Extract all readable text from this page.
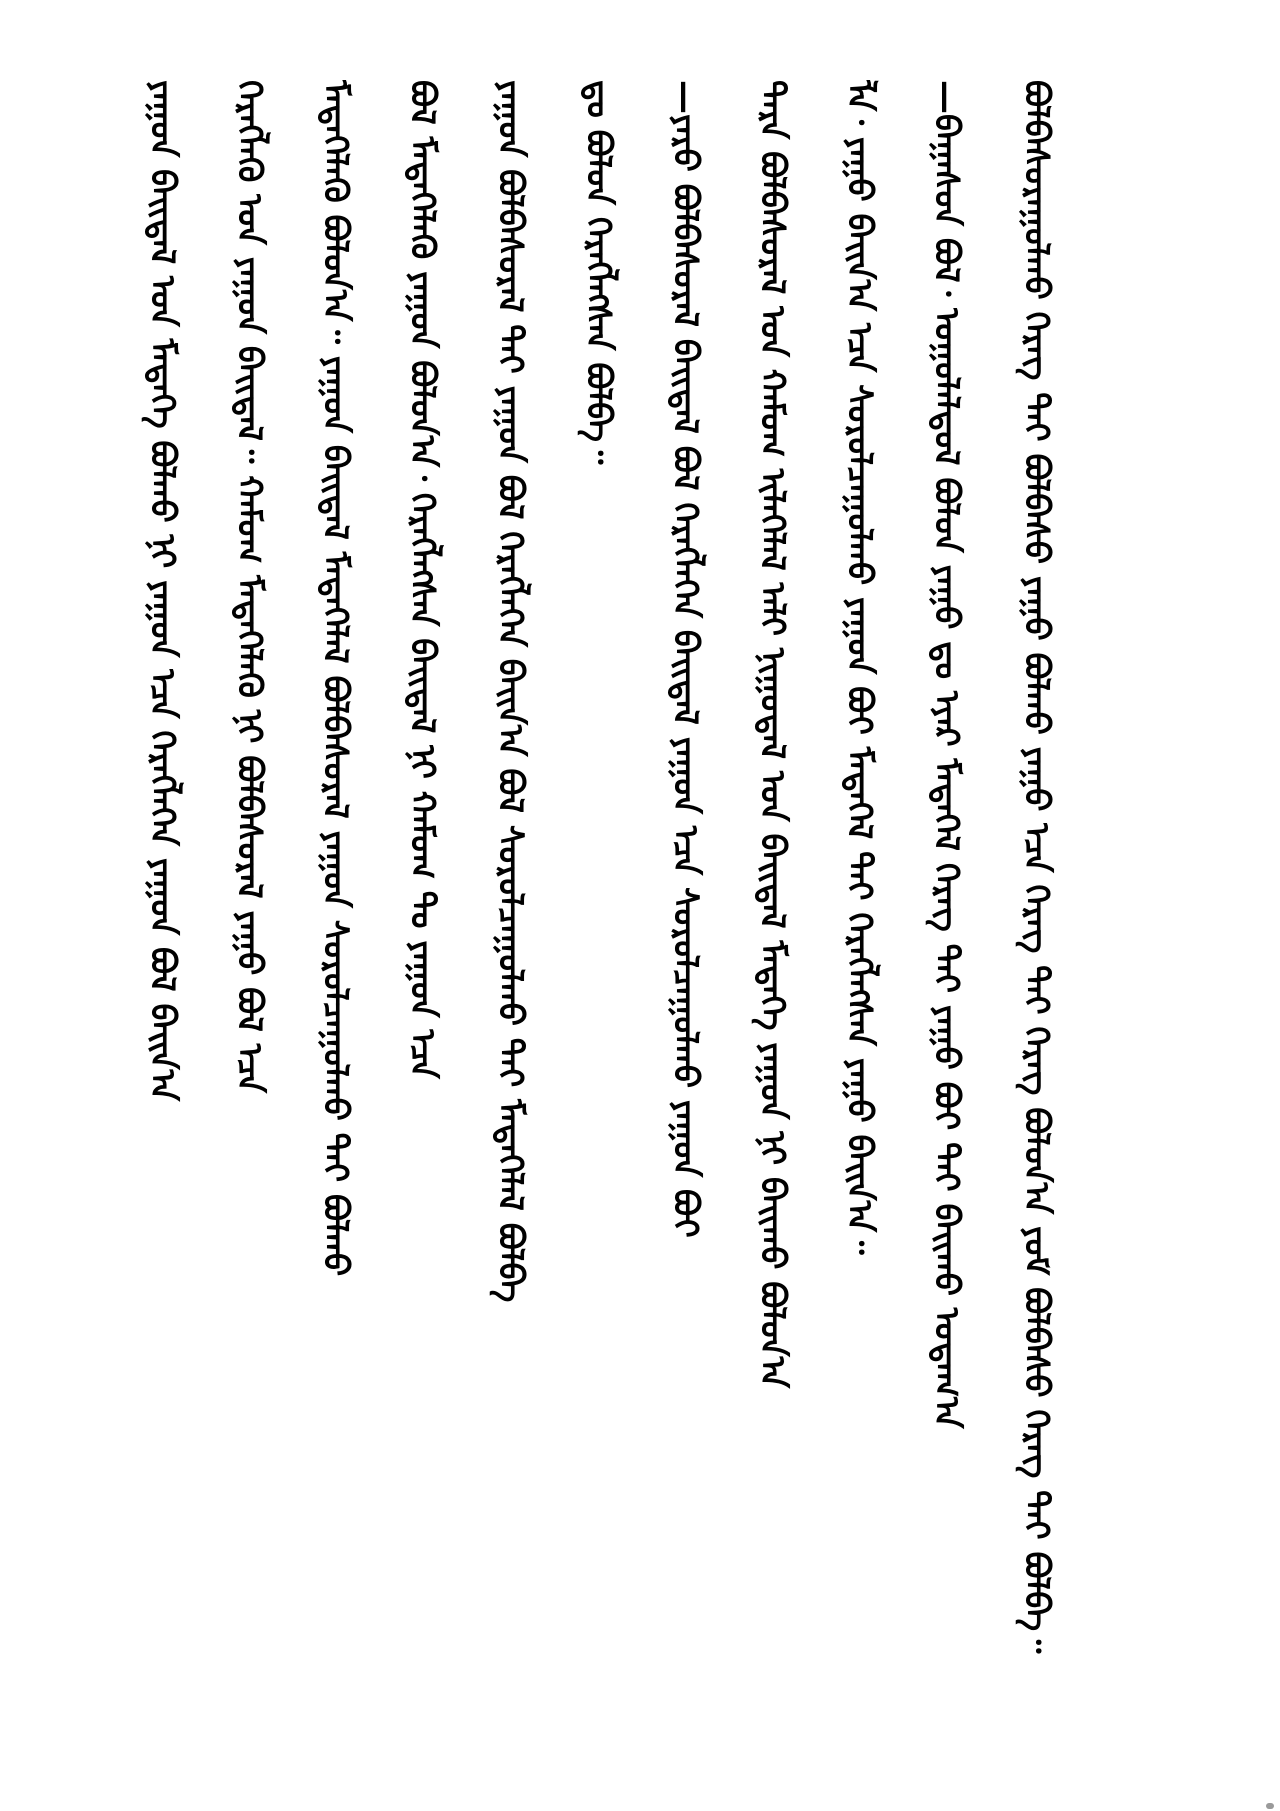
ᠪᠣᠯᠪᠠᠰᠤᠷᠠᠭᠤᠯᠬᠤ ᠬᠡᠷᠡᠭ ᠲᠠᠢ ᠪᠣᠯᠪᠠᠰᠤ ᠶᠠᠭᠤ ᠪᠣᠯᠬᠤ ᠶᠠᠭᠤ ᠡᠴᠡ ᠬᠡᠷᠡᠭ ᠲᠡᠢ ᠬᠡᠷᠡᠭ ᠪᠣᠯᠤᠨ᠎ᠠ ᠶᠤᠮ ᠪᠣᠯᠪᠠᠰᠤ ᠬᠡᠷᠡᠭ ᠲᠡᠢ ᠪᠣᠯᠪᠠ᠃
—ᠪᠠᠭᠠᠰᠤᠨ ᠪᠣᠯ᠂ ᠤᠭᠤᠯᠠᠯᠳᠤᠯ ᠪᠣᠯᠤᠨ ᠶᠠᠭᠤ ᠳᠤ ᠡᠶᠡᠷ ᠮᠡᠳᠡᠭᠡᠯ ᠬᠡᠷᠡᠭ ᠲᠡᠢ ᠶᠠᠭᠤ ᠪᠤᠢ ᠲᠡᠢ ᠪᠠᠢᠬᠤ ᠤᠳᠠᠭ᠎ᠠ
ᠯᠠ᠂ ᠶᠠᠭᠤ ᠪᠠᠢᠨ᠎ᠠ ᠡᠴᠡ ᠰᠤᠷᠤᠯᠴᠠᠭᠤᠯᠬᠤ ᠶᠠᠭᠤᠨ ᠪᠤᠢ ᠮᠡᠳᠡᠭᠡᠯ ᠲᠡᠢ ᠬᠡᠷᠡᠭᠯᠡᠭᠰᠡᠨ ᠶᠠᠭᠤ ᠪᠠᠢᠨ᠎ᠠ᠃
ᠲᠡᠷᠡ ᠪᠣᠯᠪᠠᠰᠤᠷᠠᠯ ᠤᠨ ᠬᠠᠮᠤᠭ ᠢᠯᠡᠭᠡᠯᠡᠯ ᠠᠯᠢ ᠨᠢᠭᠤᠳᠠᠯ ᠤᠨ ᠪᠠᠢᠳᠠᠯ ᠮᠡᠳᠡᠭᠡ ᠶᠠᠭᠤᠨ ᠨᠢ ᠪᠠᠢᠬᠤ ᠪᠣᠯᠤᠨ᠎ᠠ
—ᠶᠡᠷᠦ ᠪᠣᠯᠪᠠᠰᠤᠷᠠᠯ ᠪᠠᠢᠳᠠᠯ ᠪᠣᠯ ᠬᠡᠷᠡᠭᠯᠡᠭᠡᠨ ᠪᠠᠢᠳᠠᠯ ᠶᠠᠭᠤᠨ ᠡᠴᠡ ᠰᠤᠷᠤᠯᠴᠠᠭᠤᠯᠬᠤ ᠶᠠᠭᠤᠨ ᠪᠤᠢ
ᠳᠤ ᠪᠣᠯᠤᠨ ᠬᠡᠷᠡᠭᠯᠡᠭᠰᠡᠨ ᠪᠣᠯᠪᠠ᠃
ᠶᠠᠭᠤᠨ ᠪᠣᠯᠪᠠᠰᠤᠷᠠᠯ ᠲᠡᠢ ᠶᠠᠭᠤᠨ ᠪᠣᠯ ᠬᠡᠷᠡᠭᠯᠡᠭᠡᠨ ᠪᠠᠢᠨ᠎ᠠ ᠪᠣᠯ ᠰᠤᠷᠤᠯᠴᠠᠭᠤᠯᠬᠤ ᠲᠡᠢ ᠮᠡᠳᠡᠭᠡᠯᠡᠯ ᠪᠣᠯᠪᠠ
ᠪᠣᠯ ᠮᠡᠳᠡᠭᠡᠯᠡᠬᠦ ᠶᠠᠭᠤᠨ ᠪᠣᠯᠤᠨ᠎ᠠ᠂ ᠬᠡᠷᠡᠭᠯᠡᠭᠰᠡᠨ ᠪᠠᠢᠳᠠᠯ ᠨᠢ ᠬᠠᠮᠤᠭ ᠲᠤ ᠶᠠᠭᠤᠨ ᠡᠴᠡ
ᠮᠡᠳᠡᠭᠡᠯᠡᠬᠦ ᠪᠣᠯᠤᠨ᠎ᠠ᠃ ᠶᠠᠭᠤᠨ ᠪᠠᠢᠳᠠᠯ ᠮᠡᠳᠡᠭᠡᠯᠡᠯ ᠪᠣᠯᠪᠠᠰᠤᠷᠠᠯ ᠶᠠᠭᠤᠨ ᠰᠤᠷᠤᠯᠴᠠᠭᠤᠯᠬᠤ ᠲᠡᠢ ᠪᠣᠯᠬᠤ
ᠬᠡᠷᠡᠭᠯᠡᠬᠦ ᠤᠨ ᠶᠠᠭᠤᠨ ᠪᠠᠢᠳᠠᠯ᠃ ᠬᠠᠮᠤᠭ ᠮᠡᠳᠡᠭᠡᠯᠡᠬᠦ ᠨᠢ ᠪᠣᠯᠪᠠᠰᠤᠷᠠᠯ ᠶᠠᠭᠤ ᠪᠣᠯ ᠡᠴᠡ
ᠶᠠᠭᠤᠨ ᠪᠠᠢᠳᠠᠯ ᠤᠨ ᠮᠡᠳᠡᠭᠡ ᠪᠣᠯᠬᠤ ᠨᠢ ᠶᠠᠭᠤᠨ ᠡᠴᠡ ᠬᠡᠷᠡᠭᠯᠡᠭᠡᠨ ᠶᠠᠭᠤᠨ ᠪᠣᠯ ᠪᠠᠢᠨ᠎ᠠ
